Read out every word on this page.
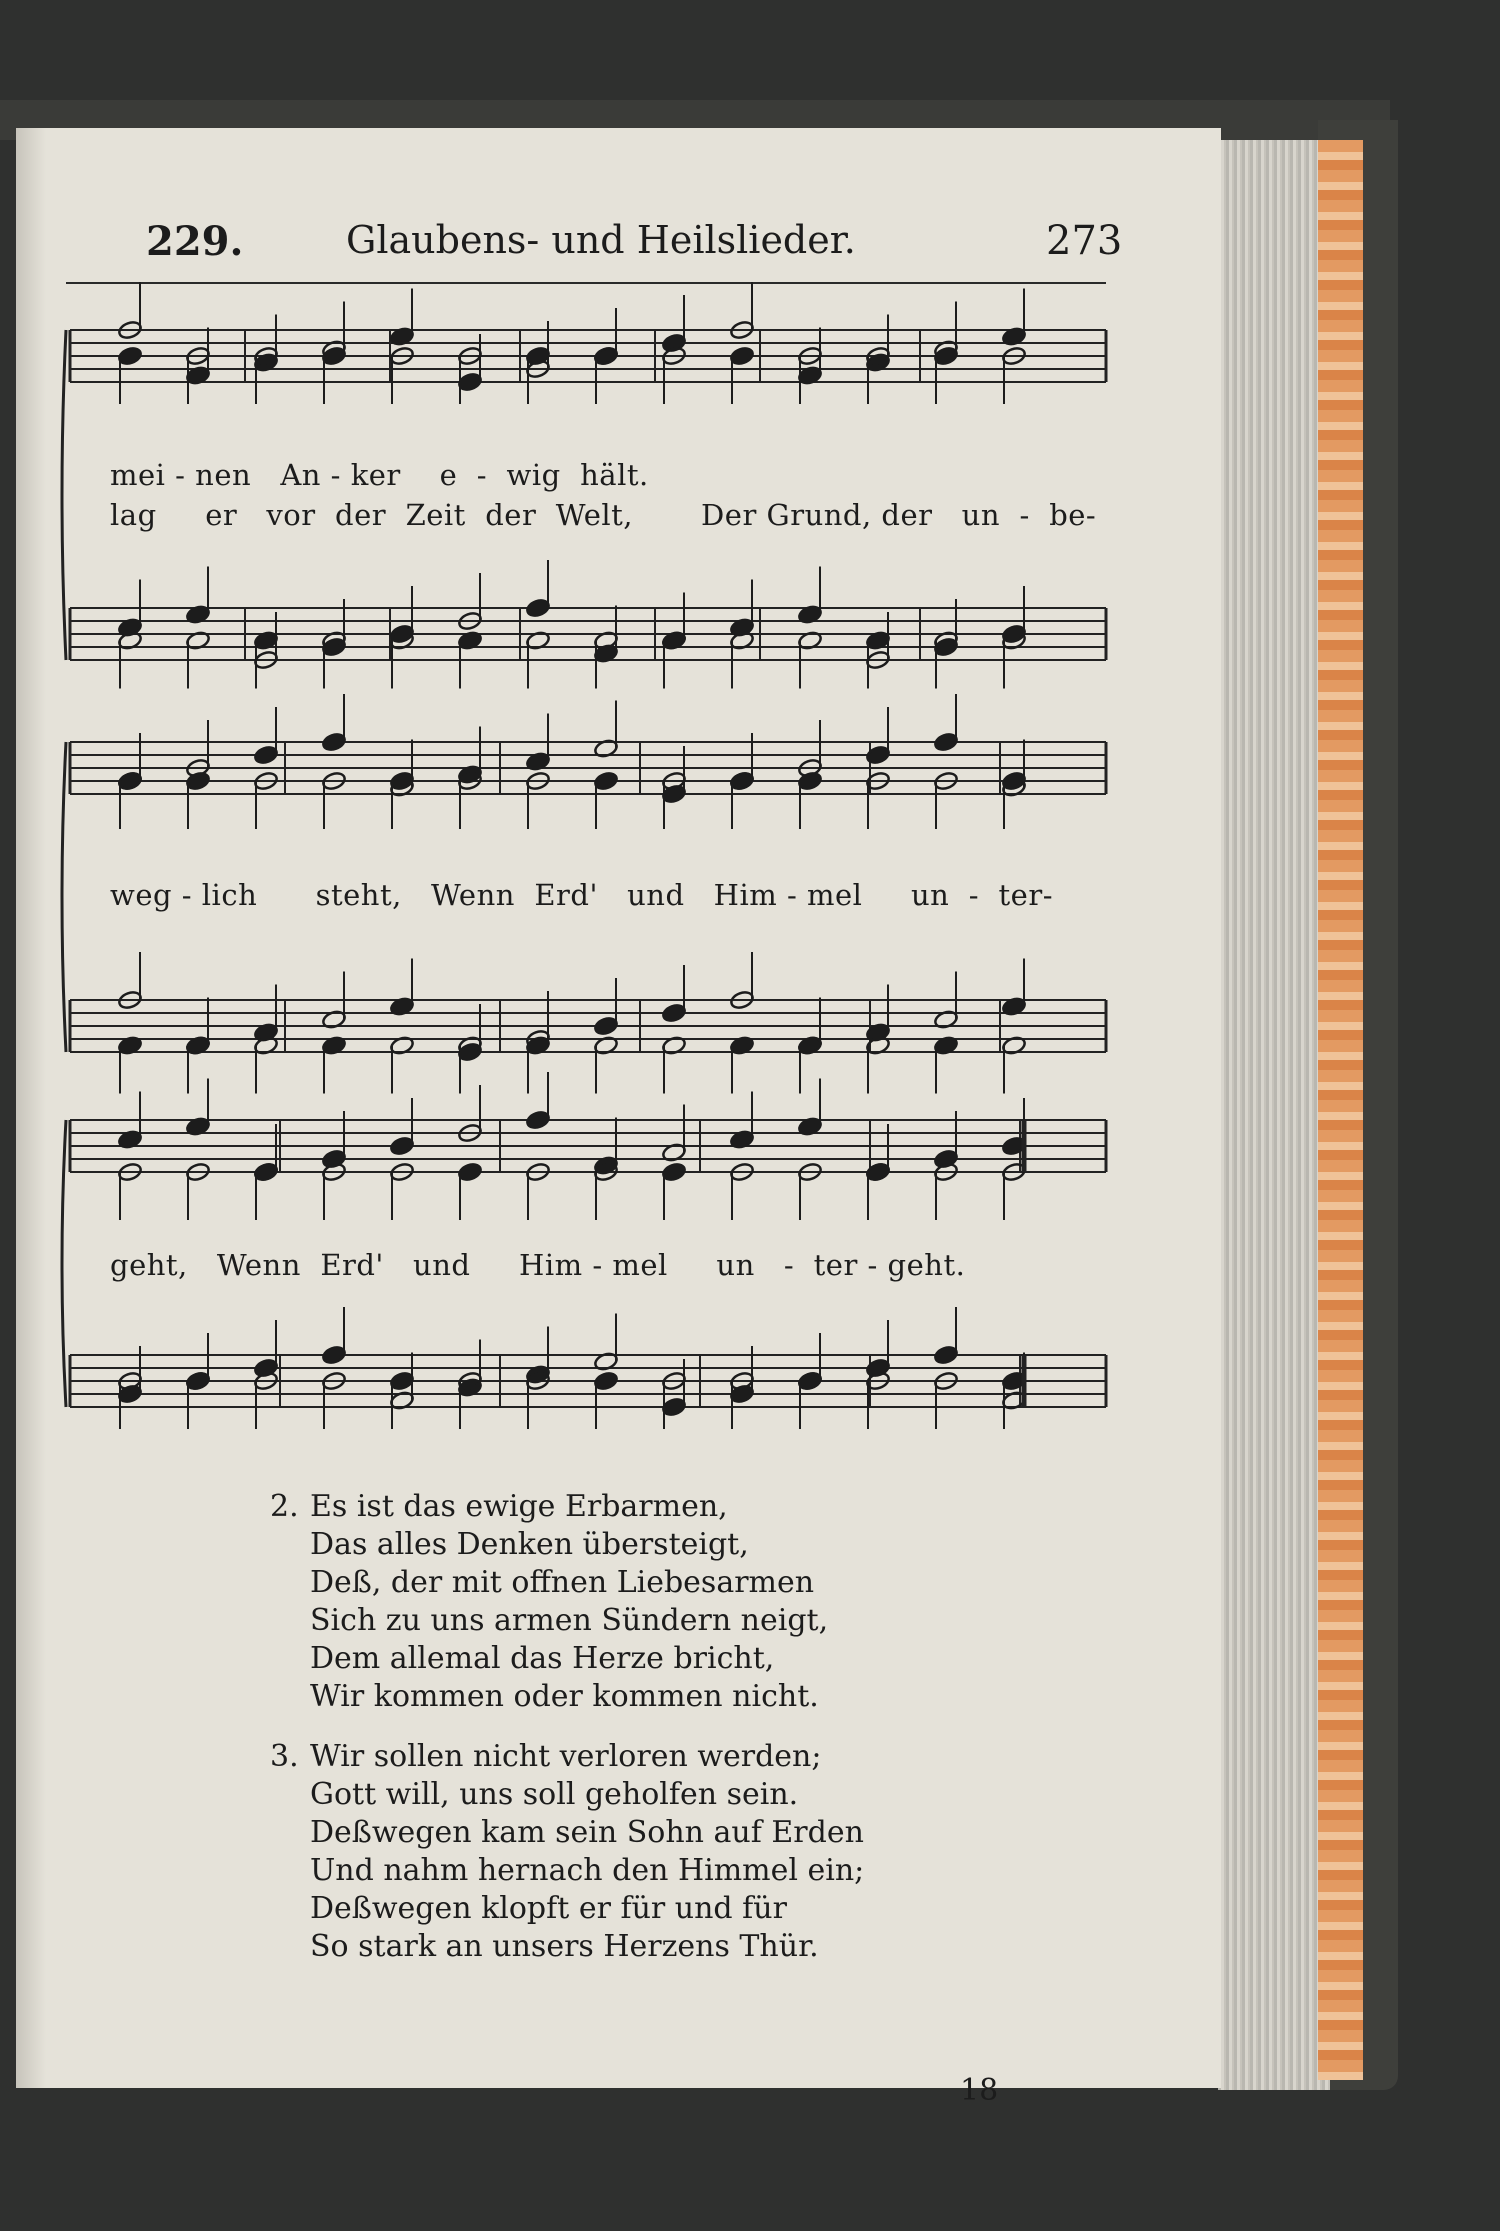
229.	Glaubens- und Heilslieder.	273
mei - nen   An - ker    e  -  wig  hält.
lag     er   vor  der  Zeit  der  Welt,       Der Grund, der   un  -  be-
weg - lich      steht,   Wenn  Erd'   und   Him - mel     un  -  ter-
geht,   Wenn  Erd'   und     Him - mel     un   -  ter - geht.
2. Es ist das ewige Erbarmen,
Das alles Denken übersteigt,
Deß, der mit offnen Liebesarmen
Sich zu uns armen Sündern neigt,
Dem allemal das Herze bricht,
Wir kommen oder kommen nicht.
3. Wir sollen nicht verloren werden;
Gott will, uns soll geholfen sein.
Deßwegen kam sein Sohn auf Erden
Und nahm hernach den Himmel ein;
Deßwegen klopft er für und für
So stark an unsers Herzens Thür.
18
